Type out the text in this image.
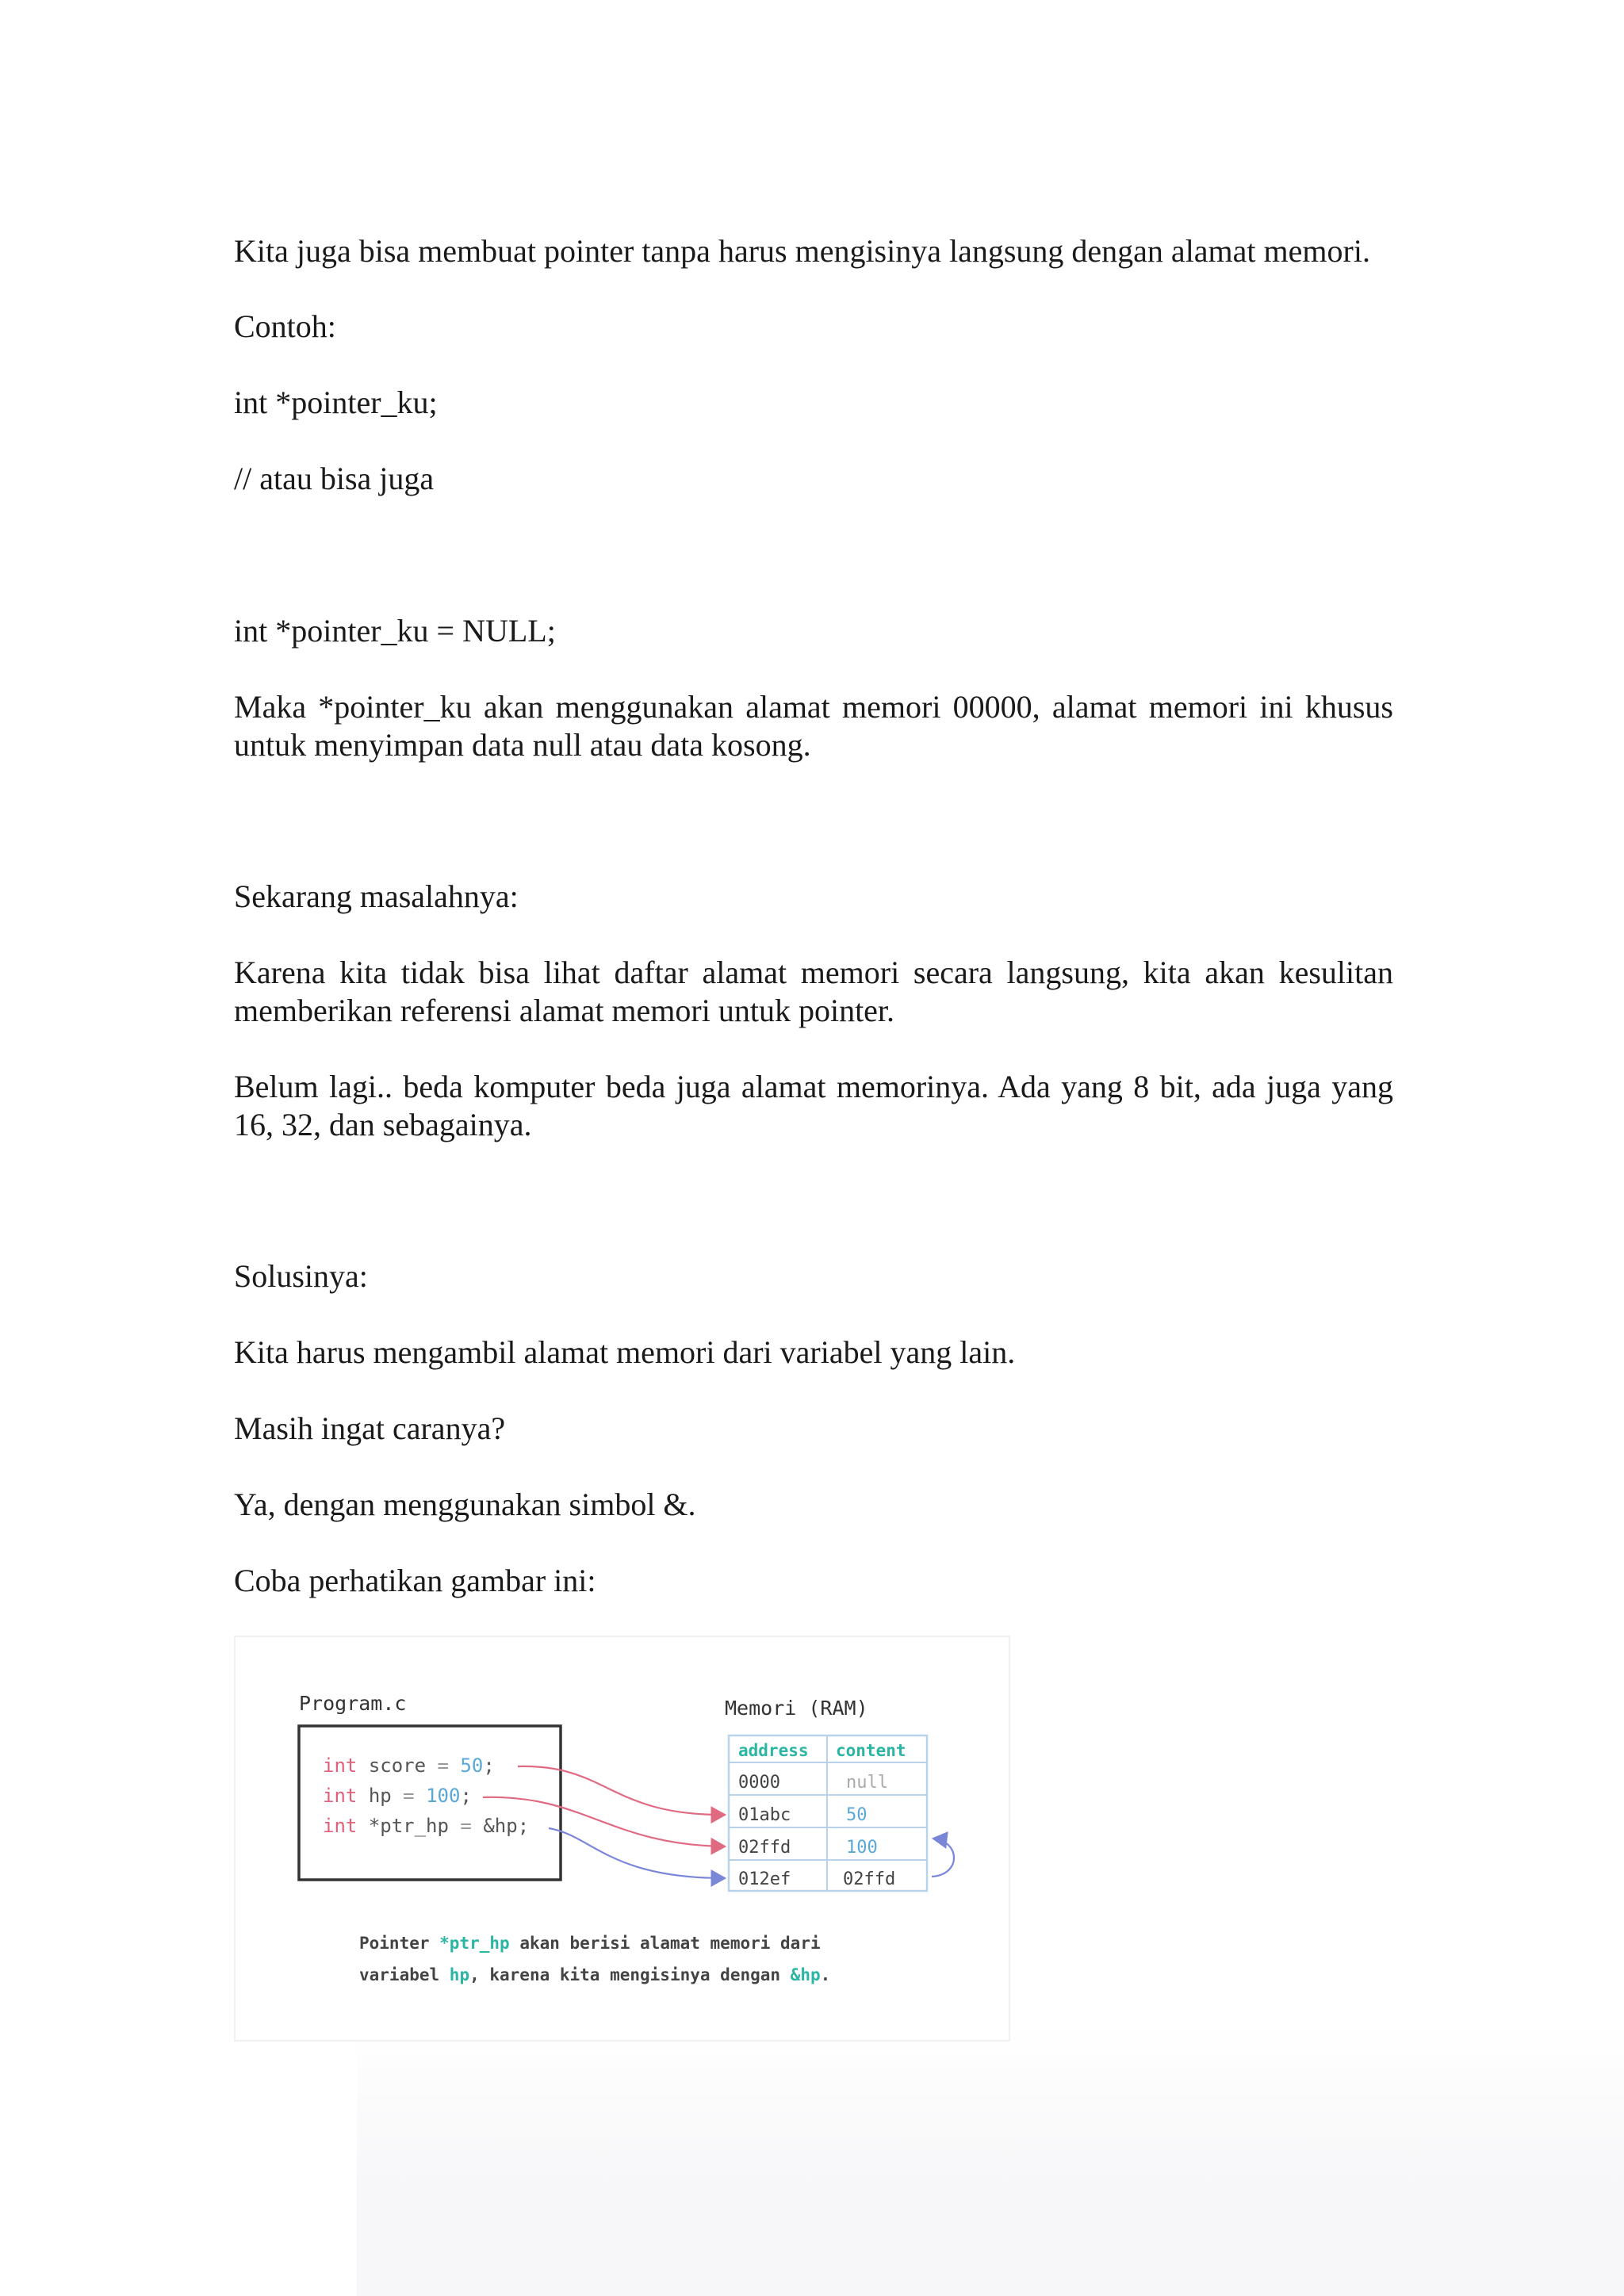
Kita juga bisa membuat pointer tanpa harus mengisinya langsung dengan alamat memori.

Contoh:

int *pointer_ku;

// atau bisa juga

int *pointer_ku = NULL;

Maka *pointer_ku akan menggunakan alamat memori 00000, alamat memori ini khusus untuk menyimpan data null atau data kosong.

Sekarang masalahnya:

Karena kita tidak bisa lihat daftar alamat memori secara langsung, kita akan kesulitan memberikan referensi alamat memori untuk pointer.

Belum lagi.. beda komputer beda juga alamat memorinya. Ada yang 8 bit, ada juga yang 16, 32, dan sebagainya.

Solusinya:

Kita harus mengambil alamat memori dari variabel yang lain.

Masih ingat caranya?

Ya, dengan menggunakan simbol &.

Coba perhatikan gambar ini:

Program.c
int score = 50;
int hp = 100;
int *ptr_hp = &hp;
Memori (RAM)
address content
0000	null
01abc	50
02ffd	100
012ef	02ffd
Pointer *ptr_hp akan berisi alamat memori dari
variabel hp, karena kita mengisinya dengan &hp.
